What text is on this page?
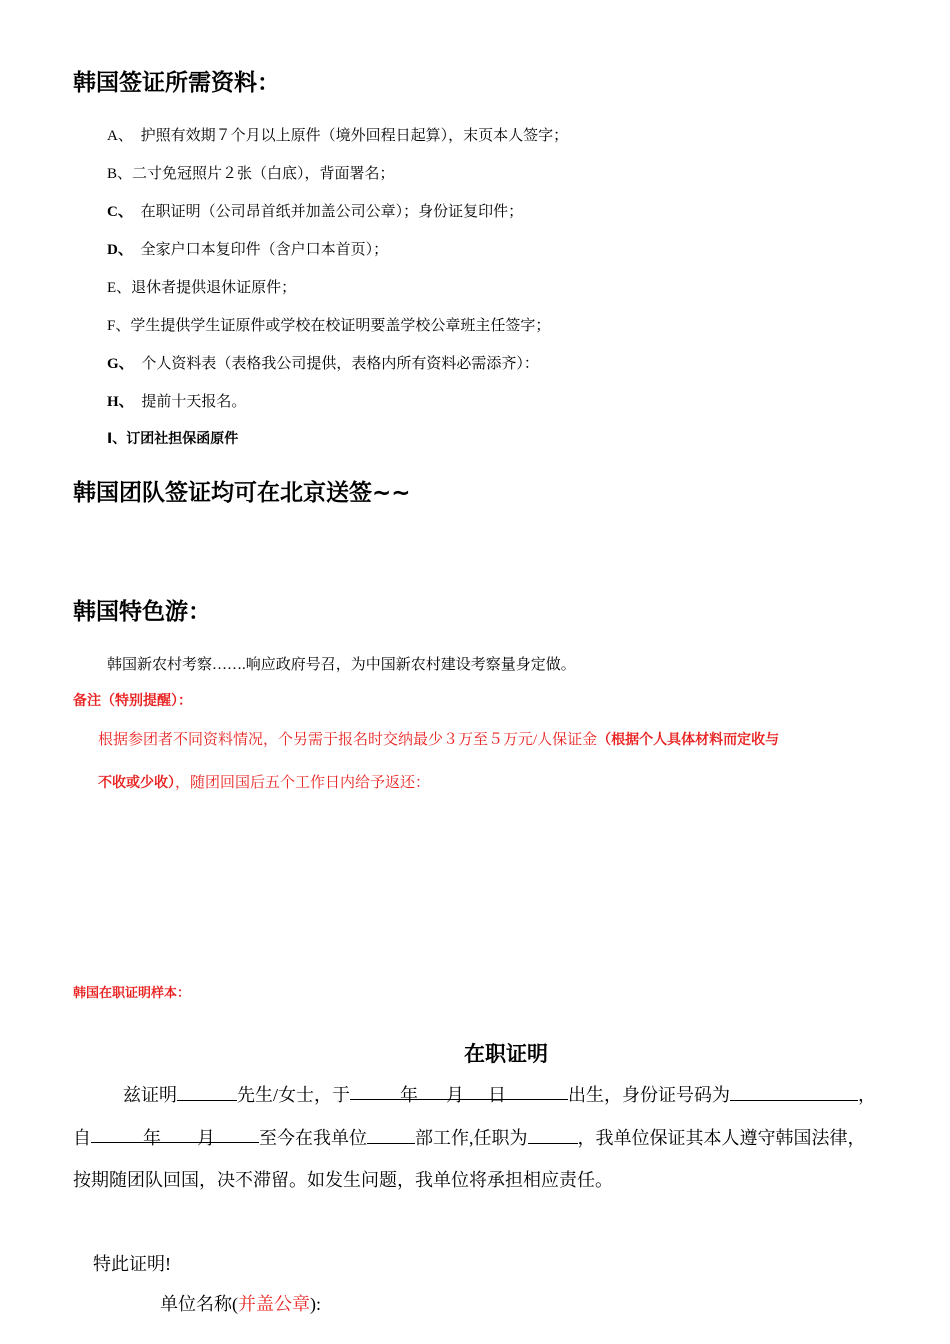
韩国签证所需资料：
A、 护照有效期７个月以上原件（境外回程日起算），末页本人签字；
B、二寸免冠照片２张（白底），背面署名；
C、 在职证明（公司昂首纸并加盖公司公章）；身份证复印件；
D、 全家户口本复印件（含户口本首页）；
E、退休者提供退休证原件；
F、学生提供学生证原件或学校在校证明要盖学校公章班主任签字；
G、 个人资料表（表格我公司提供，表格内所有资料必需添齐）：
H、 提前十天报名。
I、订团社担保函原件
韩国团队签证均可在北京送签~~
韩国特色游：
韩国新农村考察…….响应政府号召，为中国新农村建设考察量身定做。
备注（特别提醒）：
根据参团者不同资料情况，个另需于报名时交纳最少３万至５万元/人保证金（根据个人具体材料而定收与
不收或少收），随团回国后五个工作日内给予返还：
韩国在职证明样本：
在职证明
兹证明	先生/女士，于	年 月 日	出生，身份证号码为	，
自	年 月 至今在我单位	部工作,任职为	，我单位保证其本人遵守韩国法律，
按期随团队回国，决不滞留。如发生问题，我单位将承担相应责任。
特此证明!
单位名称(并盖公章):
